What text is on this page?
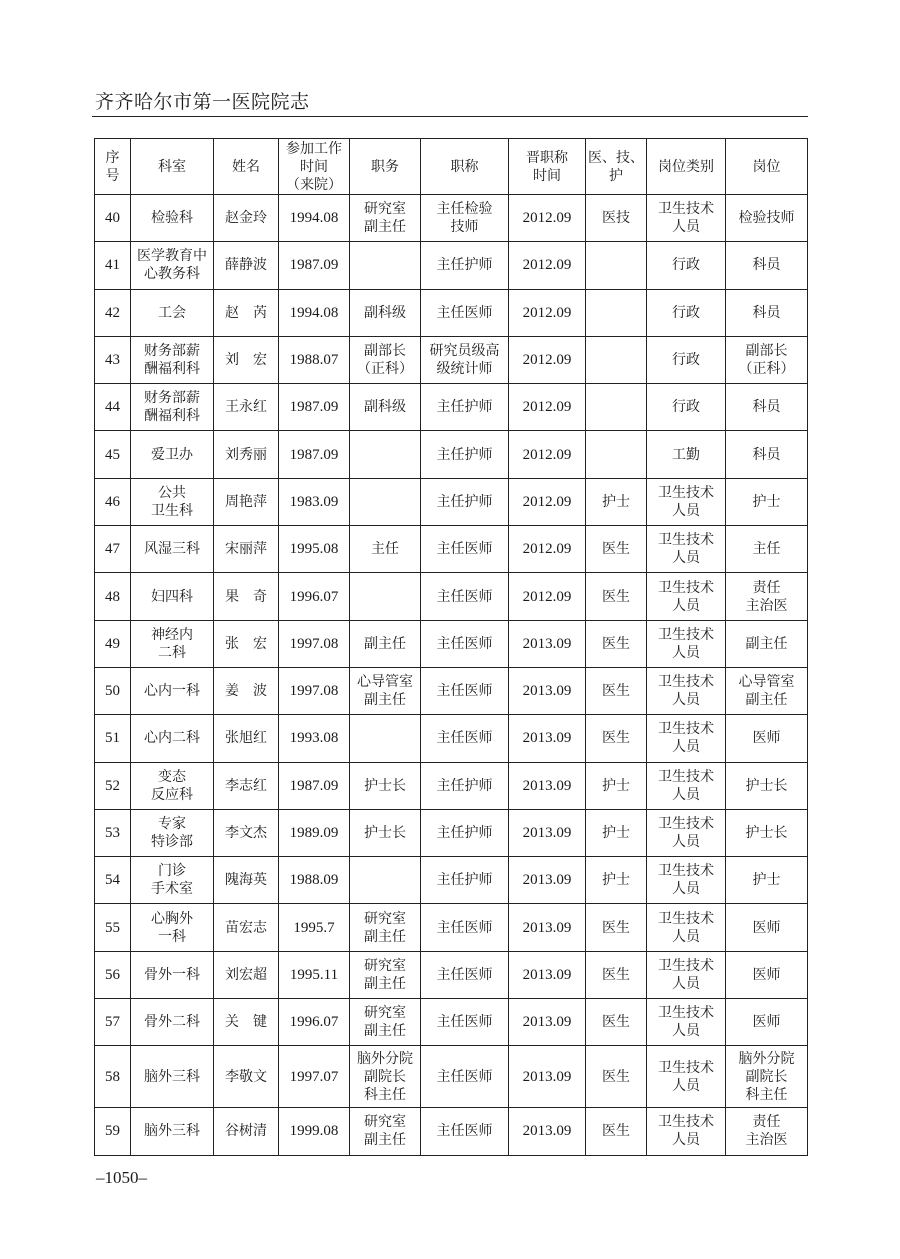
齐齐哈尔市第一医院院志
序
号	科室	姓名	参加工作
时间
（来院）	职务	职称	晋职称
时间	医、技、
护	岗位类别	岗位
40	检验科	赵金玲	1994.08	研究室
副主任	主任检验
技师	2012.09	医技	卫生技术
人员	检验技师
41	医学教育中
心教务科	薛静波	1987.09		主任护师	2012.09		行政	科员
42	工会	赵　芮	1994.08	副科级	主任医师	2012.09		行政	科员
43	财务部薪
酬福利科	刘　宏	1988.07	副部长
（正科）	研究员级高
级统计师	2012.09		行政	副部长
（正科）
44	财务部薪
酬福利科	王永红	1987.09	副科级	主任护师	2012.09		行政	科员
45	爱卫办	刘秀丽	1987.09		主任护师	2012.09		工勤	科员
46	公共
卫生科	周艳萍	1983.09		主任护师	2012.09	护士	卫生技术
人员	护士
47	风湿三科	宋丽萍	1995.08	主任	主任医师	2012.09	医生	卫生技术
人员	主任
48	妇四科	果　奇	1996.07		主任医师	2012.09	医生	卫生技术
人员	责任
主治医
49	神经内
二科	张　宏	1997.08	副主任	主任医师	2013.09	医生	卫生技术
人员	副主任
50	心内一科	姜　波	1997.08	心导管室
副主任	主任医师	2013.09	医生	卫生技术
人员	心导管室
副主任
51	心内二科	张旭红	1993.08		主任医师	2013.09	医生	卫生技术
人员	医师
52	变态
反应科	李志红	1987.09	护士长	主任护师	2013.09	护士	卫生技术
人员	护士长
53	专家
特诊部	李文杰	1989.09	护士长	主任护师	2013.09	护士	卫生技术
人员	护士长
54	门诊
手术室	隗海英	1988.09		主任护师	2013.09	护士	卫生技术
人员	护士
55	心胸外
一科	苗宏志	1995.7	研究室
副主任	主任医师	2013.09	医生	卫生技术
人员	医师
56	骨外一科	刘宏超	1995.11	研究室
副主任	主任医师	2013.09	医生	卫生技术
人员	医师
57	骨外二科	关　键	1996.07	研究室
副主任	主任医师	2013.09	医生	卫生技术
人员	医师
58	脑外三科	李敬文	1997.07	脑外分院
副院长
科主任	主任医师	2013.09	医生	卫生技术
人员	脑外分院
副院长
科主任
59	脑外三科	谷树清	1999.08	研究室
副主任	主任医师	2013.09	医生	卫生技术
人员	责任
主治医
–1050–
